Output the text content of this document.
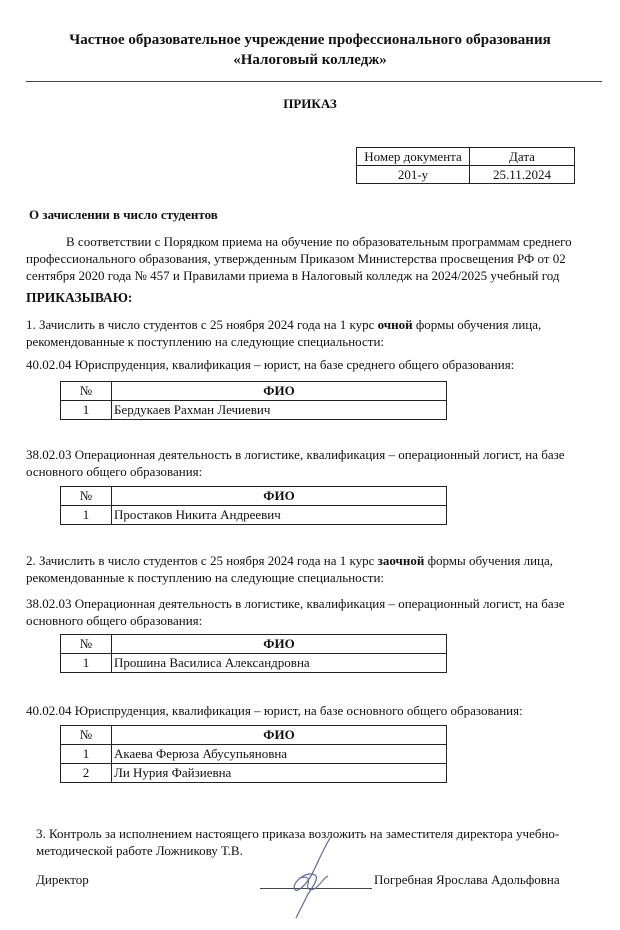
Частное образовательное учреждение профессионального образования
«Налоговый колледж»
ПРИКАЗ
Номер документа	Дата
201-у	25.11.2024
О зачислении в число студентов
В соответствии с Порядком приема на обучение по образовательным программам среднего профессионального образования, утвержденным Приказом Министерства просвещения РФ от 02 сентября 2020 года № 457 и Правилами приема в Налоговый колледж на 2024/2025 учебный год
ПРИКАЗЫВАЮ:
1. Зачислить в число студентов с 25 ноября 2024 года на 1 курс очной формы обучения лица, рекомендованные к поступлению на следующие специальности:
40.02.04 Юриспруденция, квалификация – юрист, на базе среднего общего образования:
№	ФИО
1	Бердукаев Рахман Лечиевич
38.02.03 Операционная деятельность в логистике, квалификация – операционный логист, на базе основного общего образования:
№	ФИО
1	Простаков Никита Андреевич
2. Зачислить в число студентов с 25 ноября 2024 года на 1 курс заочной формы обучения лица, рекомендованные к поступлению на следующие специальности:
38.02.03 Операционная деятельность в логистике, квалификация – операционный логист, на базе основного общего образования:
№	ФИО
1	Прошина Василиса Александровна
40.02.04 Юриспруденция, квалификация – юрист, на базе основного общего образования:
№	ФИО
1	Акаева Ферюза Абусупьяновна
2	Ли Нурия Файзиевна
3. Контроль за исполнением настоящего приказа возложить на заместителя директора учебно-методической работе Ложникову Т.В.
Директор	Погребная Ярослава Адольфовна
